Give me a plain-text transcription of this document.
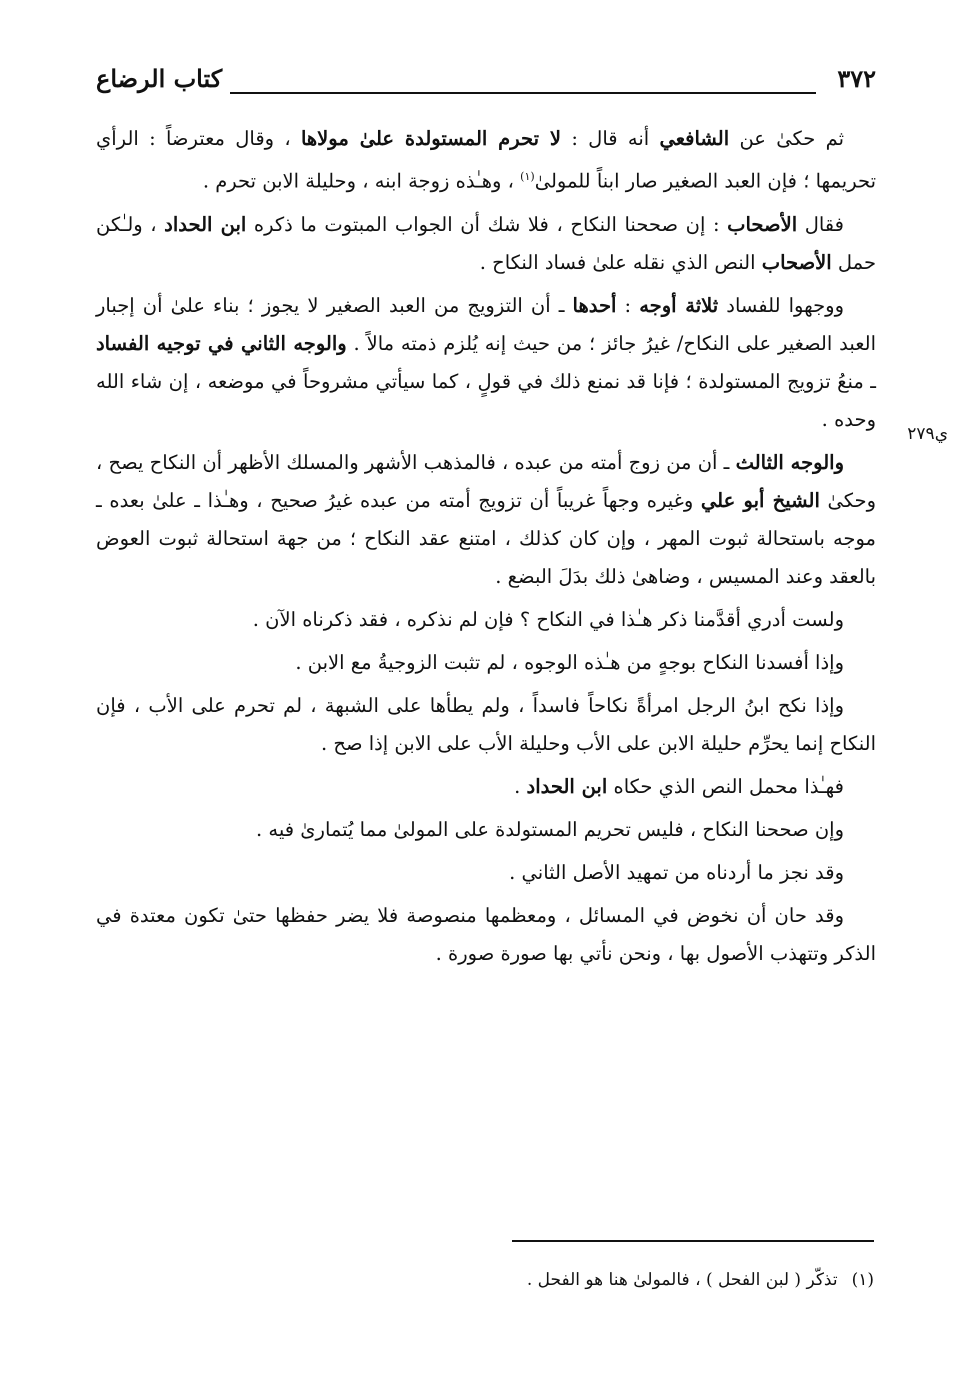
٣٧٢
كتاب الرضاع
ي٢٧٩

ثم حكىٰ عن الشافعي أنه قال : لا تحرم المستولدة علىٰ مولاها ، وقال معترضاً : الرأي تحريمها ؛ فإن العبد الصغير صار ابناً للمولىٰ$^{(١)}$ ، وهـٰذه زوجة ابنه ، وحليلة الابن تحرم .

فقال الأصحاب : إن صححنا النكاح ، فلا شك أن الجواب المبتوت ما ذكره ابن الحداد ، ولـٰكن حمل الأصحاب النص الذي نقله علىٰ فساد النكاح .

ووجهوا للفساد ثلاثة أوجه : أحدها ـ أن التزويج من العبد الصغير لا يجوز ؛ بناء علىٰ أن إجبار العبد الصغير على النكاح/ غيرُ جائز ؛ من حيث إنه يُلزم ذمته مالاً . والوجه الثاني في توجيه الفساد ـ منعُ تزويج المستولدة ؛ فإنا قد نمنع ذلك في قولٍ ، كما سيأتي مشروحاً في موضعه ، إن شاء الله وحده .

والوجه الثالث ـ أن من زوج أمته من عبده ، فالمذهب الأشهر والمسلك الأظهر أن النكاح يصح ، وحكىٰ الشيخ أبو علي وغيره وجهاً غريباً أن تزويج أمته من عبده غيرُ صحيح ، وهـٰذا ـ علىٰ بعده ـ موجه باستحالة ثبوت المهر ، وإن كان كذلك ، امتنع عقد النكاح ؛ من جهة استحالة ثبوت العوض بالعقد وعند المسيس ، وضاهىٰ ذلك بدَلَ البضع .

ولست أدري أقدَّمنا ذكر هـٰذا في النكاح ؟ فإن لم نذكره ، فقد ذكرناه الآن .

وإذا أفسدنا النكاح بوجهٍ من هـٰذه الوجوه ، لم تثبت الزوجيةُ مع الابن .

وإذا نكح ابنُ الرجل امرأةً نكاحاً فاسداً ، ولم يطأها على الشبهة ، لم تحرم على الأب ، فإن النكاح إنما يحرِّم حليلة الابن على الأب وحليلة الأب على الابن إذا صح .

فهـٰذا محمل النص الذي حكاه ابن الحداد .

وإن صححنا النكاح ، فليس تحريم المستولدة على المولىٰ مما يُتمارىٰ فيه .

وقد نجز ما أردناه من تمهيد الأصل الثاني .

وقد حان أن نخوض في المسائل ، ومعظمها منصوصة فلا يضر حفظها حتىٰ تكون معتدة في الذكر وتتهذب الأصول بها ، ونحن نأتي بها صورة صورة .

(١)تذكّر ( لبن الفحل ) ، فالمولىٰ هنا هو الفحل .
